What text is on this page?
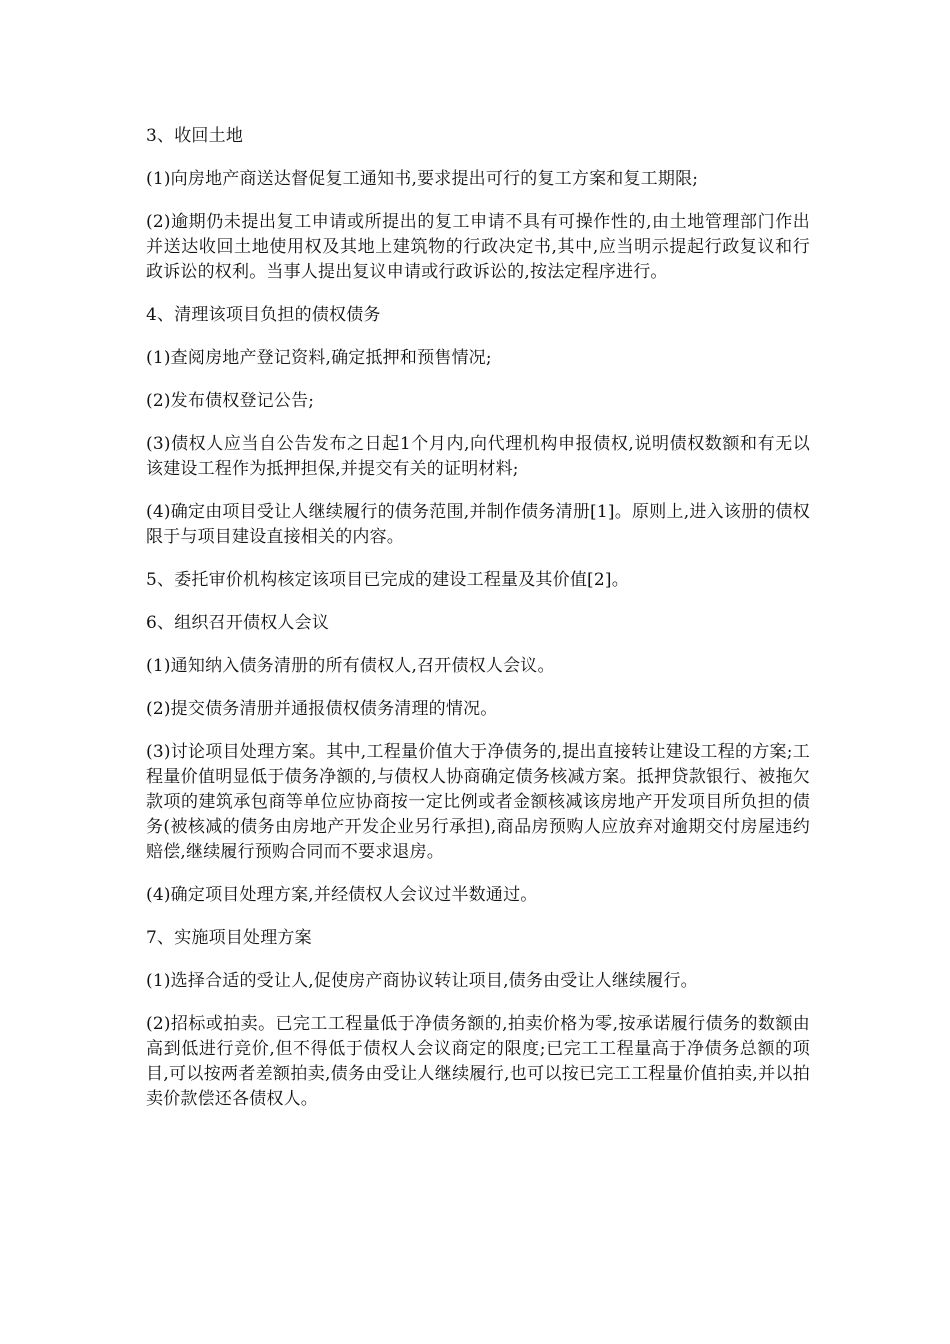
3、收回土地

(1)向房地产商送达督促复工通知书,要求提出可行的复工方案和复工期限;

(2)逾期仍未提出复工申请或所提出的复工申请不具有可操作性的,由土地管理部门作出并送达收回土地使用权及其地上建筑物的行政决定书,其中,应当明示提起行政复议和行政诉讼的权利。当事人提出复议申请或行政诉讼的,按法定程序进行。

4、清理该项目负担的债权债务

(1)查阅房地产登记资料,确定抵押和预售情况;

(2)发布债权登记公告;

(3)债权人应当自公告发布之日起1个月内,向代理机构申报债权,说明债权数额和有无以该建设工程作为抵押担保,并提交有关的证明材料;

(4)确定由项目受让人继续履行的债务范围,并制作债务清册[1]。原则上,进入该册的债权限于与项目建设直接相关的内容。

5、委托审价机构核定该项目已完成的建设工程量及其价值[2]。

6、组织召开债权人会议

(1)通知纳入债务清册的所有债权人,召开债权人会议。

(2)提交债务清册并通报债权债务清理的情况。

(3)讨论项目处理方案。其中,工程量价值大于净债务的,提出直接转让建设工程的方案;工程量价值明显低于债务净额的,与债权人协商确定债务核减方案。抵押贷款银行、被拖欠款项的建筑承包商等单位应协商按一定比例或者金额核减该房地产开发项目所负担的债务(被核减的债务由房地产开发企业另行承担),商品房预购人应放弃对逾期交付房屋违约赔偿,继续履行预购合同而不要求退房。

(4)确定项目处理方案,并经债权人会议过半数通过。

7、实施项目处理方案

(1)选择合适的受让人,促使房产商协议转让项目,债务由受让人继续履行。

(2)招标或拍卖。已完工工程量低于净债务额的,拍卖价格为零,按承诺履行债务的数额由高到低进行竞价,但不得低于债权人会议商定的限度;已完工工程量高于净债务总额的项目,可以按两者差额拍卖,债务由受让人继续履行,也可以按已完工工程量价值拍卖,并以拍卖价款偿还各债权人。
